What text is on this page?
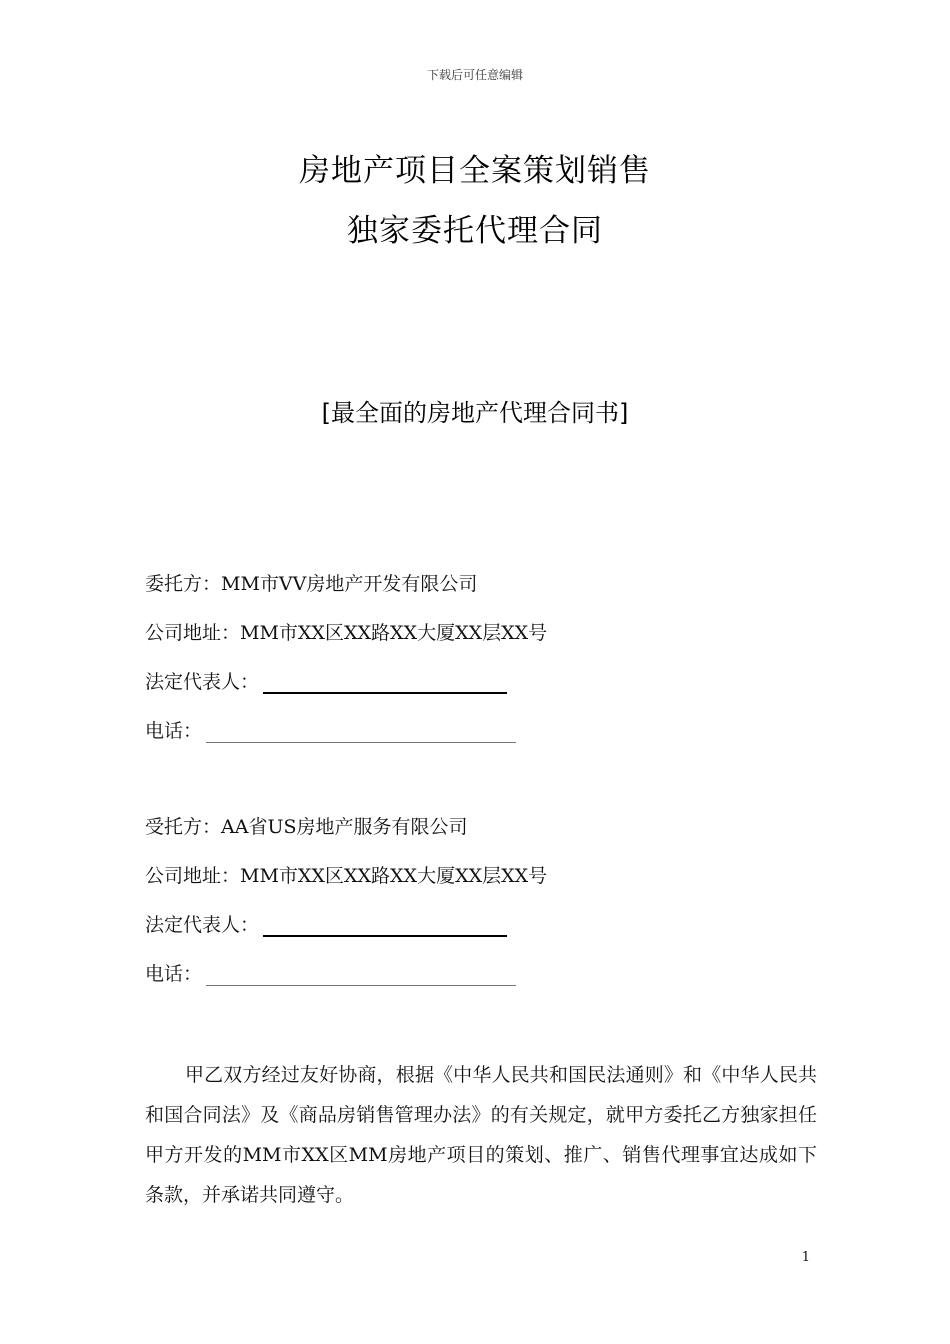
下载后可任意编辑
房地产项目全案策划销售
独家委托代理合同
[最全面的房地产代理合同书]
委托方：MM市VV房地产开发有限公司
公司地址：MM市XX区XX路XX大厦XX层XX号
法定代表人：
电话：
受托方：AA省US房地产服务有限公司
公司地址：MM市XX区XX路XX大厦XX层XX号
法定代表人：
电话：
甲乙双方经过友好协商，根据《中华人民共和国民法通则》和《中华人民共和国合同法》及《商品房销售管理办法》的有关规定，就甲方委托乙方独家担任甲方开发的MM市XX区MM房地产项目的策划、推广、销售代理事宜达成如下条款，并承诺共同遵守。
1
